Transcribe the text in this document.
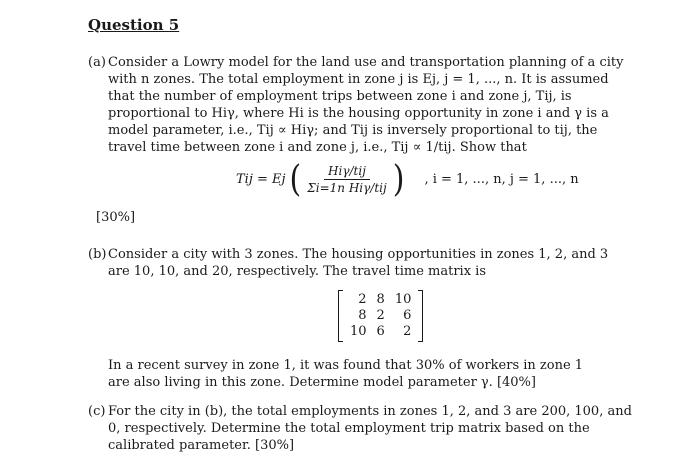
Question 5
(a) Consider a Lowry model for the land use and transportation planning of a city with n zones. The total employment in zone j is Ej, j = 1, ..., n. It is assumed that the number of employment trips between zone i and zone j, Tij, is proportional to Hiγ, where Hi is the housing opportunity in zone i and γ is a model parameter, i.e., Tij ∝ Hiγ; and Tij is inversely proportional to tij, the travel time between zone i and zone j, i.e., Tij ∝ 1/tij. Show that
Tij = Ej ( $\frac{\text{Hiγ/tij}}{\text{Σi=1n Hiγ/tij}}$ ) , i = 1, ..., n, j = 1, ..., n
[30%]
(b) Consider a city with 3 zones. The housing opportunities in zones 1, 2, and 3 are 10, 10, and 20, respectively. The travel time matrix is
2	8	10
8	2	6
10	6	2
In a recent survey in zone 1, it was found that 30% of workers in zone 1 are also living in this zone. Determine model parameter γ. [40%]
(c) For the city in (b), the total employments in zones 1, 2, and 3 are 200, 100, and 0, respectively. Determine the total employment trip matrix based on the calibrated parameter. [30%]
